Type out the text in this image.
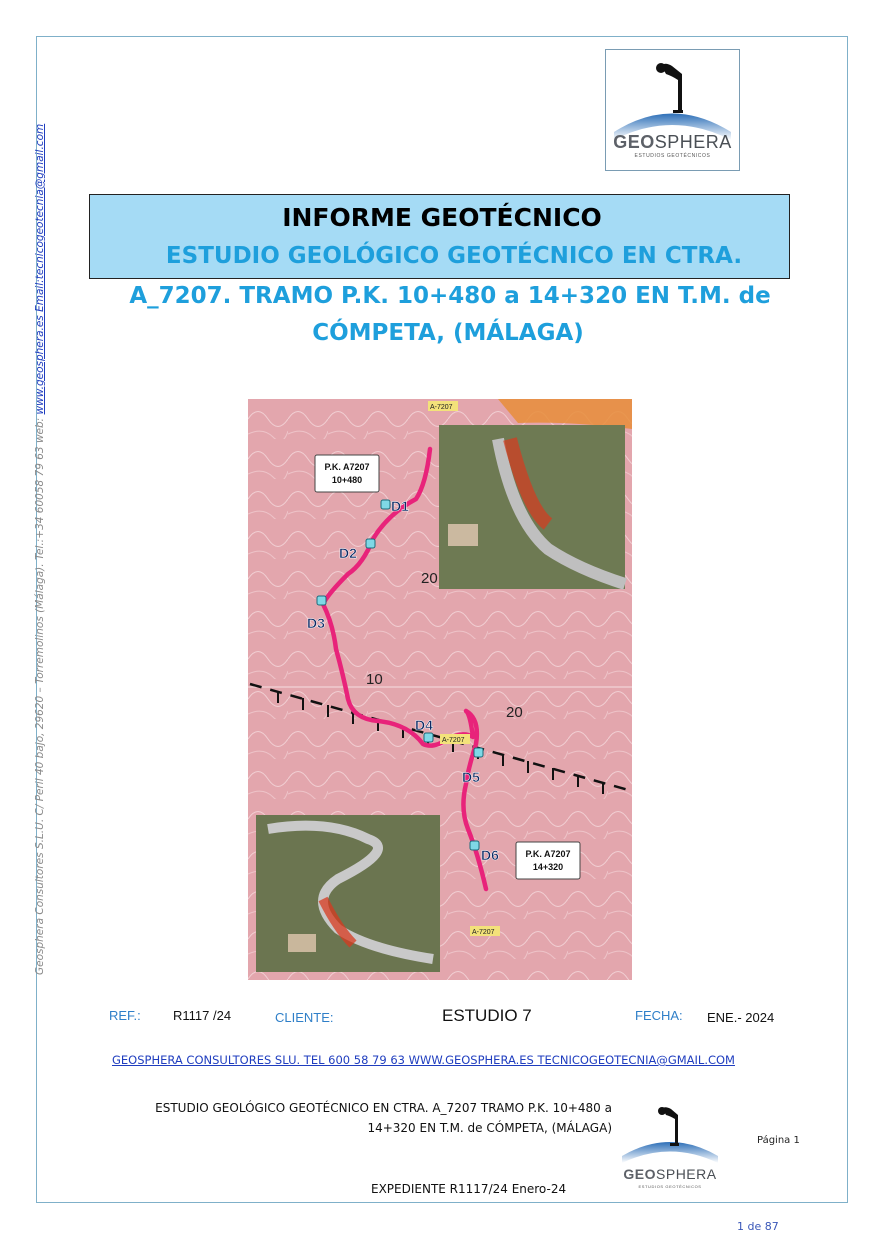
Geosphera Consultores S.L.U. C/ Peril 40 bajo, 29620 – Torremolinos (Málaga). Tel.:+34 60058 79 63 web: www.geosphera.es Email:tecnicogeotecnia@gmail.com	GEOSPHERA
ESTUDIOS GEOTÉCNICOS
INFORME GEOTÉCNICO
ESTUDIO GEOLÓGICO GEOTÉCNICO EN CTRA.
A_7207. TRAMO P.K. 10+480 a 14+320 EN T.M. de
CÓMPETA, (MÁLAGA)
D1
D2
D3
D4
D5
D6
20
10
20
A-7207
A-7207
A-7207
P.K. A7207
10+480
P.K. A7207
14+320
REF.: R1117 /24	CLIENTE:	ESTUDIO 7	FECHA: ENE.- 2024
GEOSPHERA CONSULTORES SLU. TEL 600 58 79 63 WWW.GEOSPHERA.ES TECNICOGEOTECNIA@GMAIL.COM
ESTUDIO GEOLÓGICO GEOTÉCNICO EN CTRA. A_7207 TRAMO P.K. 10+480 a
14+320 EN T.M. de CÓMPETA, (MÁLAGA)
GEOSPHERA
ESTUDIOS GEOTÉCNICOS
Página 1
EXPEDIENTE R1117/24 Enero-24
1 de 87
